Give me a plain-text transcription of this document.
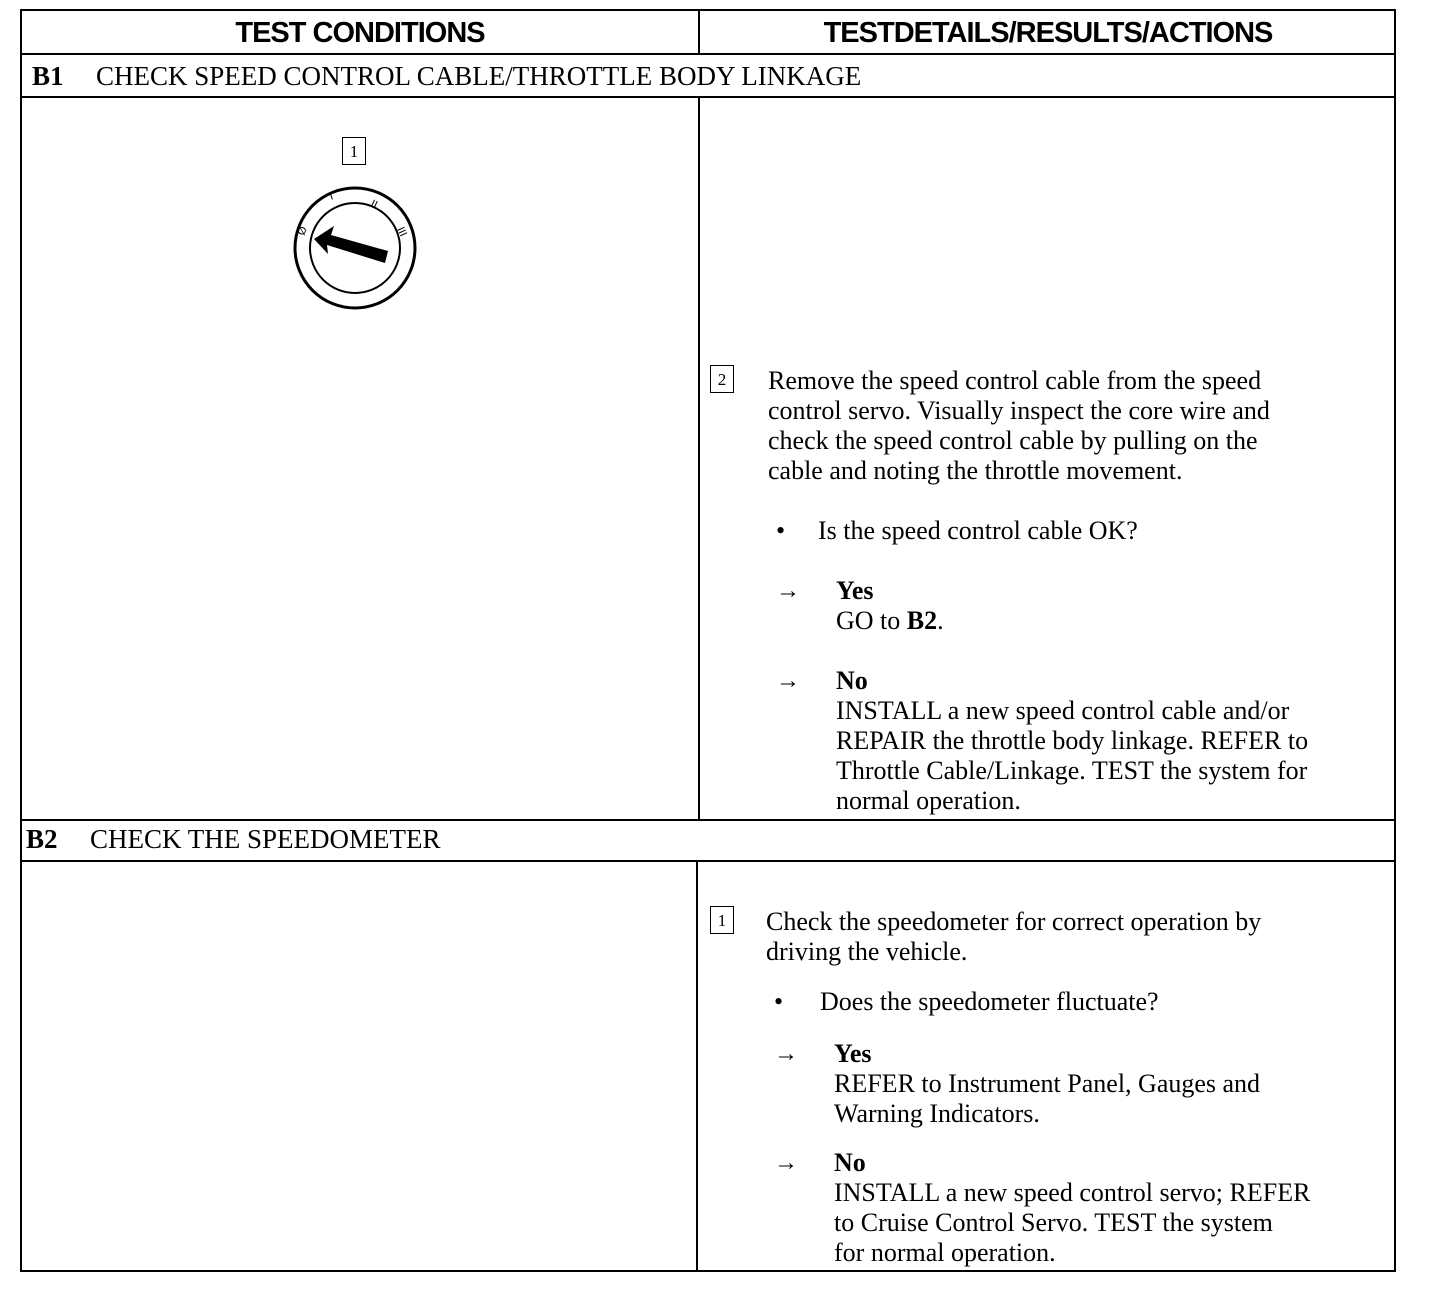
TEST CONDITIONS	TESTDETAILS/RESULTS/ACTIONS
B1 CHECK SPEED CONTROL CABLE/THROTTLE BODY LINKAGE
1
Ø
I
II
III
2 Remove the speed control cable from the speed
control servo. Visually inspect the core wire and
check the speed control cable by pulling on the
cable and noting the throttle movement.
• Is the speed control cable OK?
→ Yes
GO to B2.
→ No
INSTALL a new speed control cable and/or
REPAIR the throttle body linkage. REFER to
Throttle Cable/Linkage. TEST the system for
normal operation.
B2 CHECK THE SPEEDOMETER
1 Check the speedometer for correct operation by
driving the vehicle.
• Does the speedometer fluctuate?
→ Yes
REFER to Instrument Panel, Gauges and
Warning Indicators.
→ No
INSTALL a new speed control servo; REFER
to Cruise Control Servo. TEST the system
for normal operation.
